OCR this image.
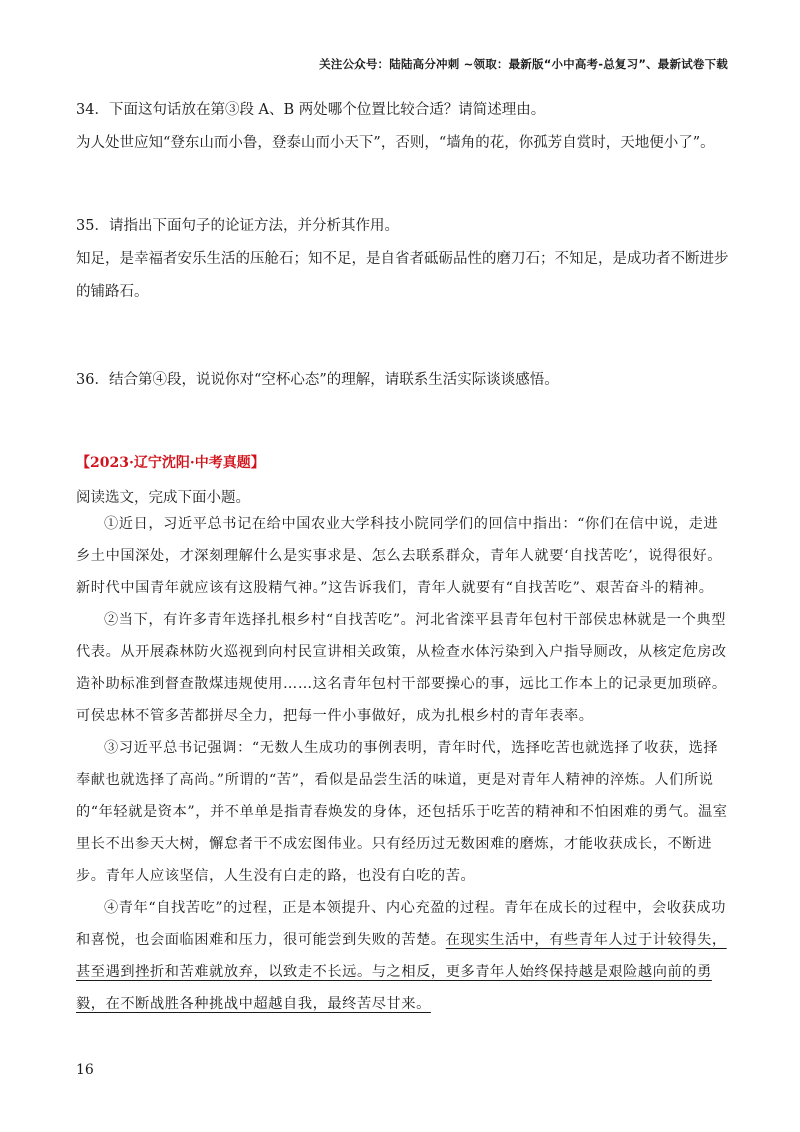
关注公众号：陆陆高分冲刺 ~领取：最新版“小中高考-总复习”、最新试卷下载

34．下面这句话放在第③段 A、B 两处哪个位置比较合适？请简述理由。

为人处世应知“登东山而小鲁，登泰山而小天下”，否则，“墙角的花，你孤芳自赏时，天地便小了”。

35．请指出下面句子的论证方法，并分析其作用。

知足，是幸福者安乐生活的压舱石；知不足，是自省者砥砺品性的磨刀石；不知足，是成功者不断进步的铺路石。

36．结合第④段，说说你对“空杯心态”的理解，请联系生活实际谈谈感悟。

【2023·辽宁沈阳·中考真题】
阅读选文，完成下面小题。

①近日，习近平总书记在给中国农业大学科技小院同学们的回信中指出：“你们在信中说，走进乡土中国深处，才深刻理解什么是实事求是、怎么去联系群众，青年人就要‘自找苦吃’，说得很好。新时代中国青年就应该有这股精气神。”这告诉我们，青年人就要有“自找苦吃”、艰苦奋斗的精神。

②当下，有许多青年选择扎根乡村“自找苦吃”。河北省滦平县青年包村干部侯忠林就是一个典型代表。从开展森林防火巡视到向村民宣讲相关政策，从检查水体污染到入户指导厕改，从核定危房改造补助标准到督查散煤违规使用……这名青年包村干部要操心的事，远比工作本上的记录更加琐碎。可侯忠林不管多苦都拼尽全力，把每一件小事做好，成为扎根乡村的青年表率。

③习近平总书记强调：“无数人生成功的事例表明，青年时代，选择吃苦也就选择了收获，选择奉献也就选择了高尚。”所谓的“苦”，看似是品尝生活的味道，更是对青年人精神的淬炼。人们所说的“年轻就是资本”，并不单单是指青春焕发的身体，还包括乐于吃苦的精神和不怕困难的勇气。温室里长不出参天大树，懈怠者干不成宏图伟业。只有经历过无数困难的磨炼，才能收获成长，不断进步。青年人应该坚信，人生没有白走的路，也没有白吃的苦。

④青年“自找苦吃”的过程，正是本领提升、内心充盈的过程。青年在成长的过程中，会收获成功和喜悦，也会面临困难和压力，很可能尝到失败的苦楚。在现实生活中，有些青年人过于计较得失，甚至遇到挫折和苦难就放弃，以致走不长远。与之相反，更多青年人始终保持越是艰险越向前的勇毅，在不断战胜各种挑战中超越自我，最终苦尽甘来。

16
